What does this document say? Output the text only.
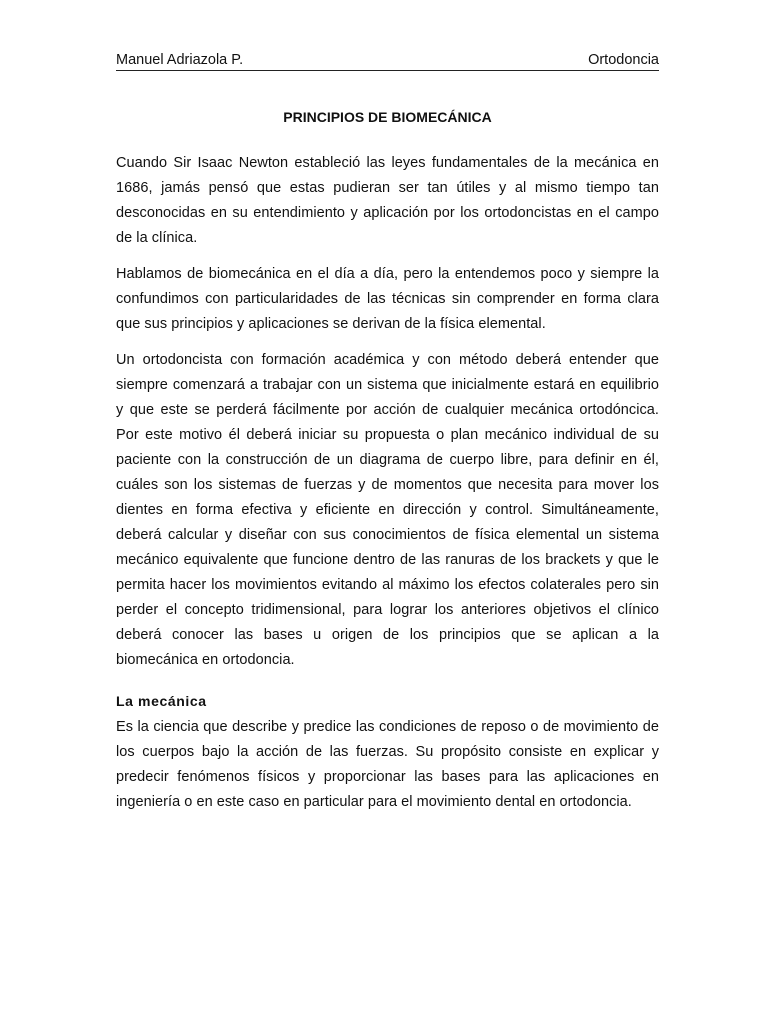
Manuel Adriazola P.	Ortodoncia
PRINCIPIOS DE BIOMECÁNICA

Cuando Sir Isaac Newton estableció las leyes fundamentales de la mecánica en 1686, jamás pensó que estas pudieran ser tan útiles y al mismo tiempo tan desconocidas en su entendimiento y aplicación por los ortodoncistas en el campo de la clínica.

Hablamos de biomecánica en el día a día, pero la entendemos poco y siempre la confundimos con particularidades de las técnicas sin comprender en forma clara que sus principios y aplicaciones se derivan de la física elemental.

Un ortodoncista con formación académica y con método deberá entender que siempre comenzará a trabajar con un sistema que inicialmente estará en equilibrio y que este se perderá fácilmente por acción de cualquier mecánica ortodóncica. Por este motivo él deberá iniciar su propuesta o plan mecánico individual de su paciente con la construcción de un diagrama de cuerpo libre, para definir en él, cuáles son los sistemas de fuerzas y de momentos que necesita para mover los dientes en forma efectiva y eficiente en dirección y control. Simultáneamente, deberá calcular y diseñar con sus conocimientos de física elemental un sistema mecánico equivalente que funcione dentro de las ranuras de los brackets y que le permita hacer los movimientos evitando al máximo los efectos colaterales pero sin perder el concepto tridimensional, para lograr los anteriores objetivos el clínico deberá conocer las bases u origen de los principios que se aplican a la biomecánica en ortodoncia.

La mecánica

Es la ciencia que describe y predice las condiciones de reposo o de movimiento de los cuerpos bajo la acción de las fuerzas. Su propósito consiste en explicar y predecir fenómenos físicos y proporcionar las bases para las aplicaciones en ingeniería o en este caso en particular para el movimiento dental en ortodoncia.
